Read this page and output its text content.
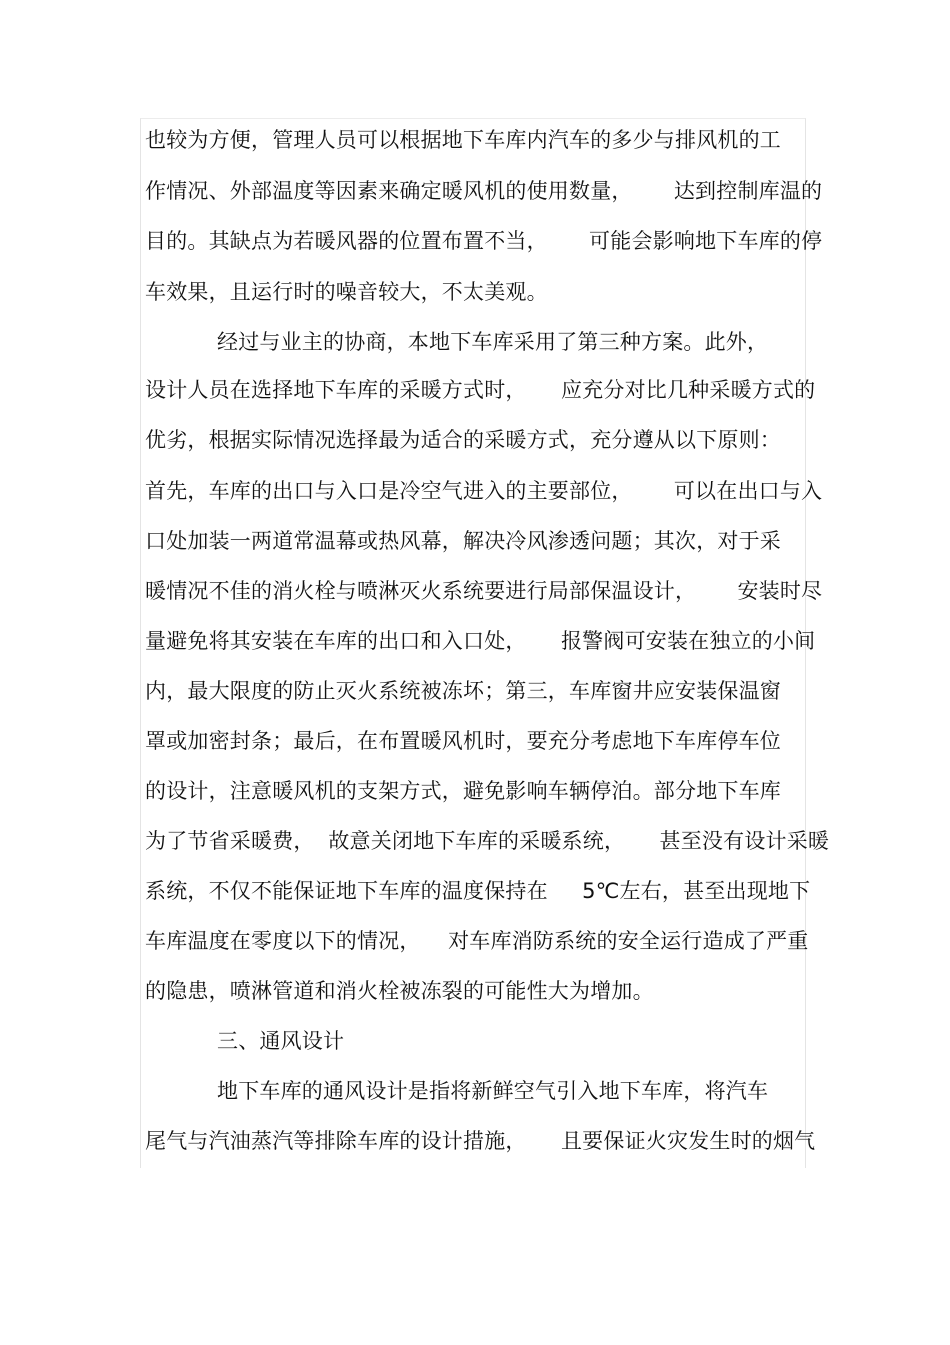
也较为方便，管理人员可以根据地下车库内汽车的多少与排风机的工
作情况、外部温度等因素来确定暖风机的使用数量，      达到控制库温的
目的。其缺点为若暖风器的位置布置不当，      可能会影响地下车库的停
车效果，且运行时的噪音较大，不太美观。
经过与业主的协商，本地下车库采用了第三种方案。此外，
设计人员在选择地下车库的采暖方式时，     应充分对比几种采暖方式的
优劣，根据实际情况选择最为适合的采暖方式，充分遵从以下原则：
首先，车库的出口与入口是冷空气进入的主要部位，      可以在出口与入
口处加装一两道常温幕或热风幕，解决冷风渗透问题；其次，对于采
暖情况不佳的消火栓与喷淋灭火系统要进行局部保温设计，      安装时尽
量避免将其安装在车库的出口和入口处，     报警阀可安装在独立的小间
内，最大限度的防止灭火系统被冻坏；第三，车库窗井应安装保温窗
罩或加密封条；最后，在布置暖风机时，要充分考虑地下车库停车位
的设计，注意暖风机的支架方式，避免影响车辆停泊。部分地下车库
为了节省采暖费，  故意关闭地下车库的采暖系统，     甚至没有设计采暖
系统，不仅不能保证地下车库的温度保持在     5℃左右，甚至出现地下
车库温度在零度以下的情况，    对车库消防系统的安全运行造成了严重
的隐患，喷淋管道和消火栓被冻裂的可能性大为增加。
三、通风设计
地下车库的通风设计是指将新鲜空气引入地下车库，将汽车
尾气与汽油蒸汽等排除车库的设计措施，     且要保证火灾发生时的烟气
